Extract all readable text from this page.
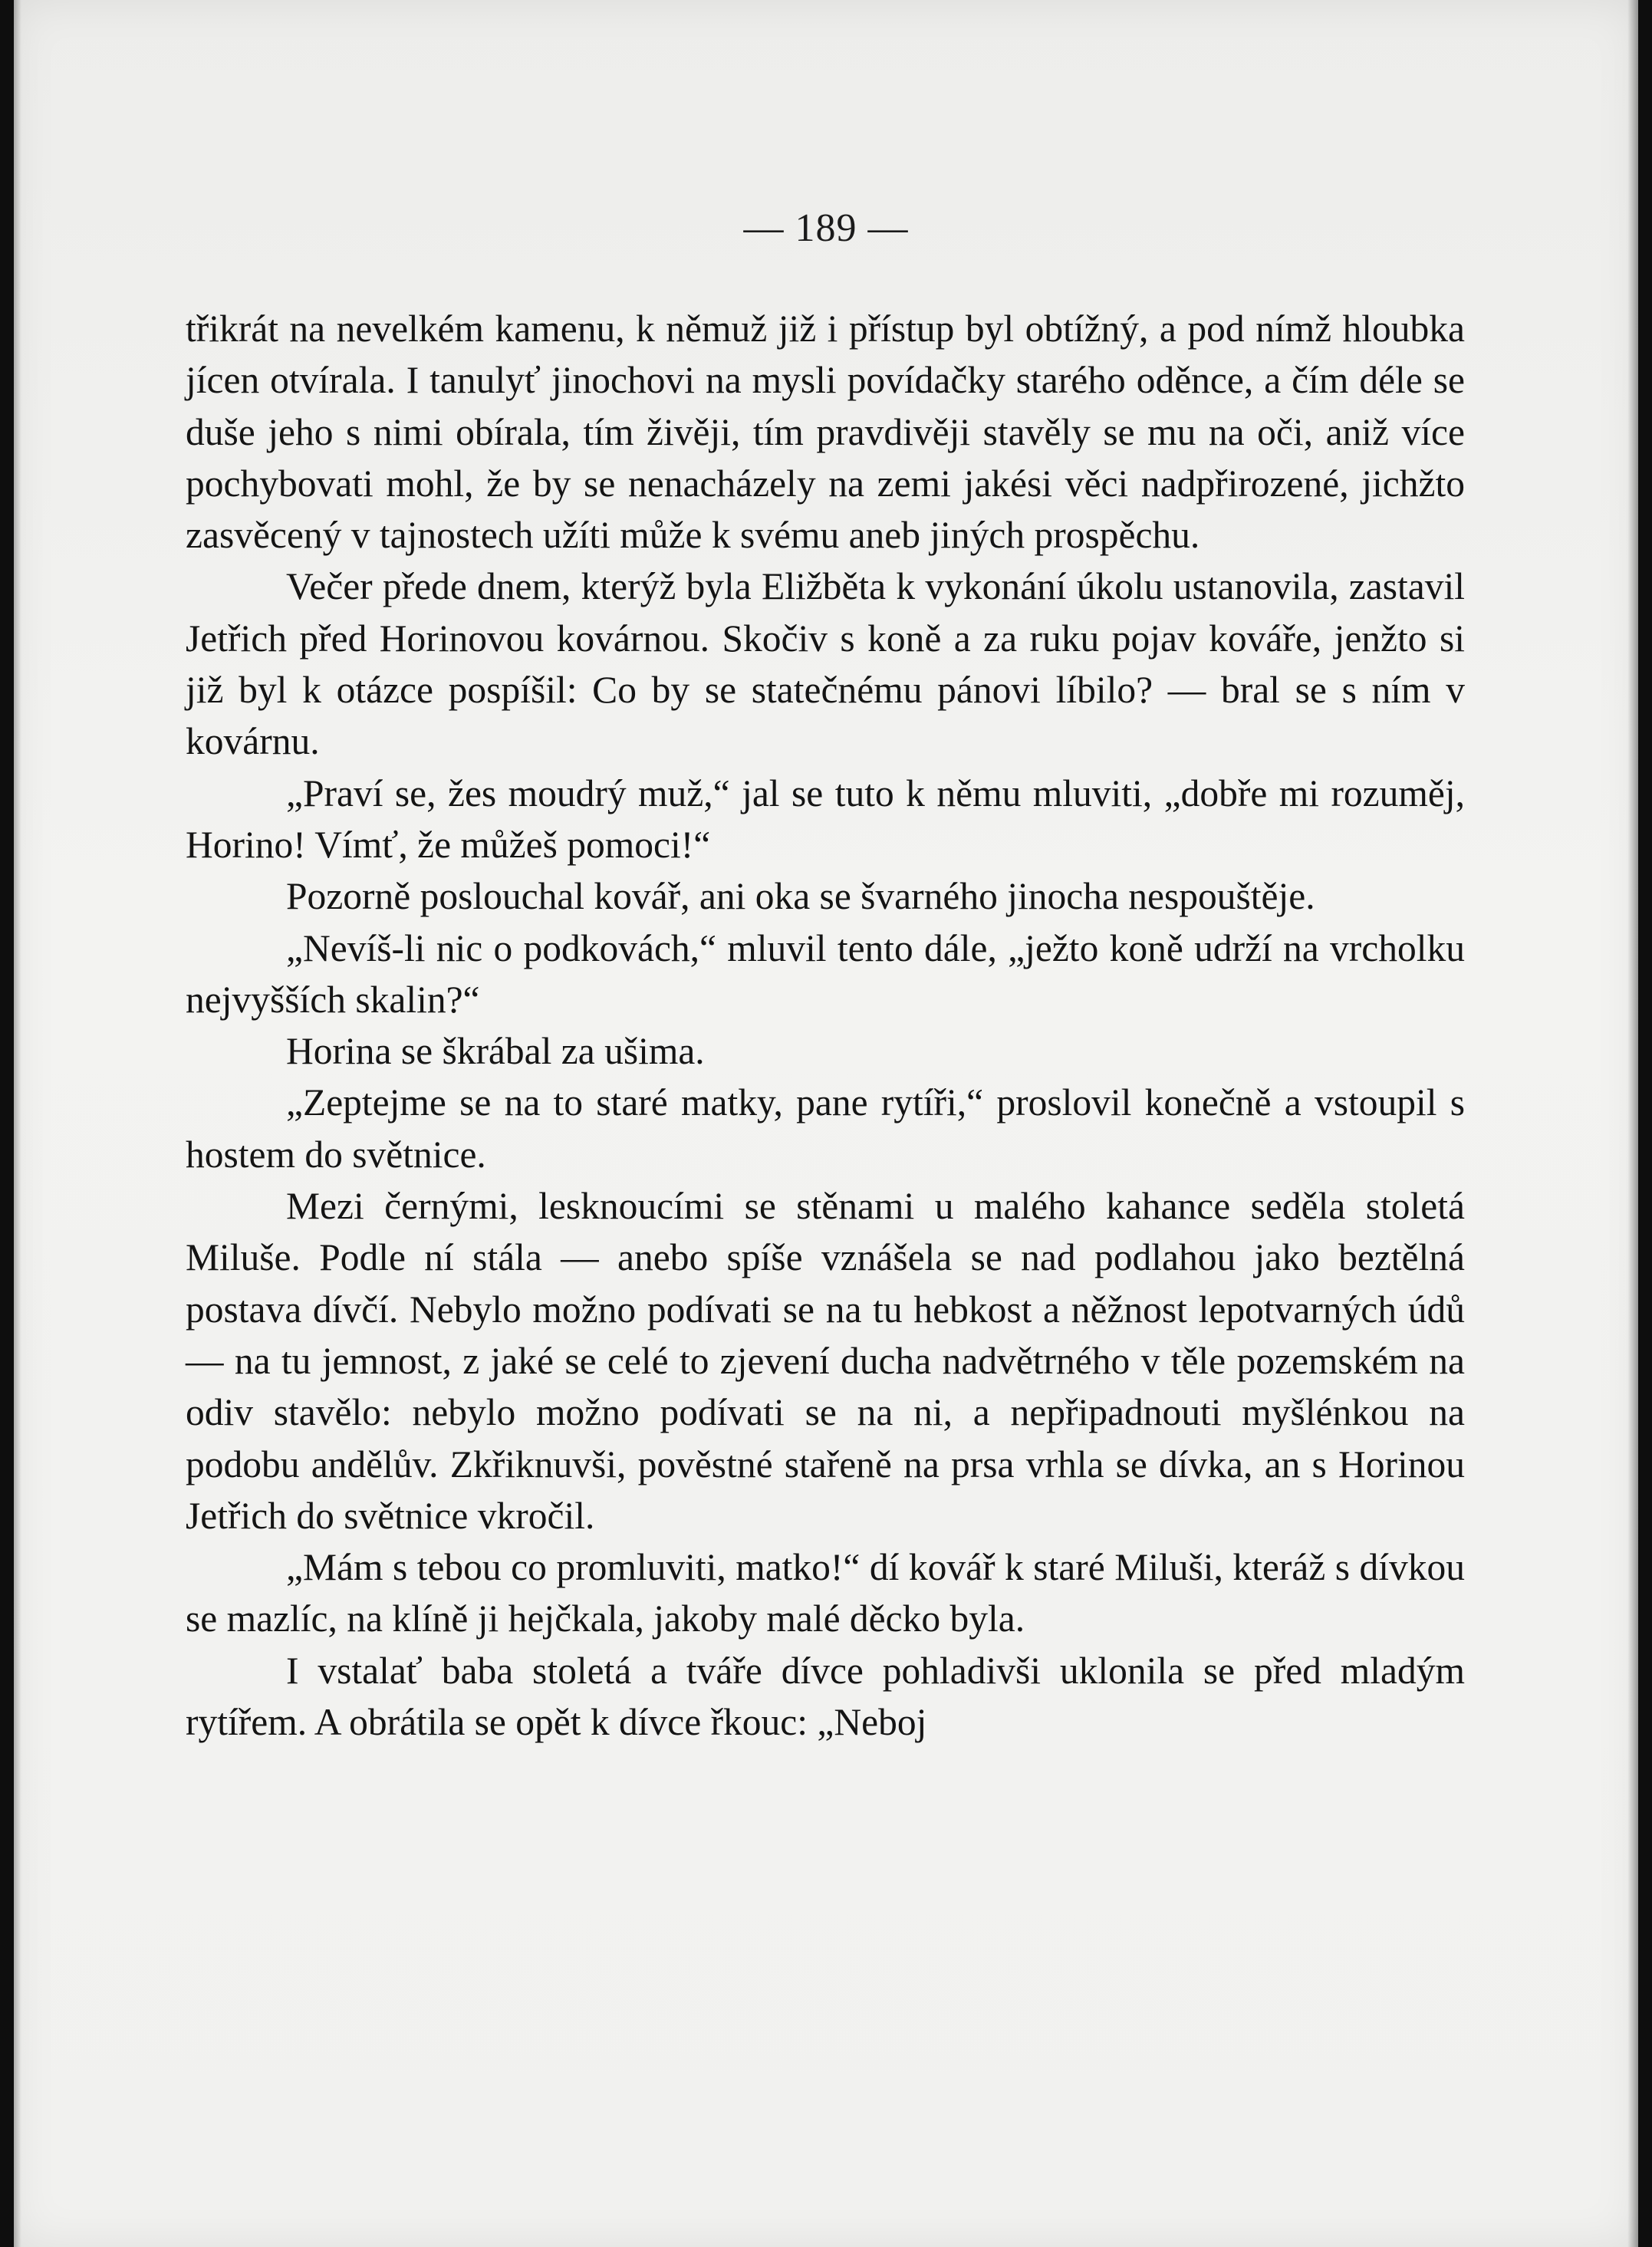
— 189 —

třikrát na nevelkém kamenu, k němuž již i přístup byl obtížný, a pod nímž hloubka jícen otvírala. I tanulyť jinochovi na mysli povídačky starého oděnce, a čím déle se duše jeho s nimi obírala, tím živěji, tím pravdivěji stavěly se mu na oči, aniž více pochybovati mohl, že by se nenacházely na zemi jakési věci nadpřirozené, jichžto zasvěcený v tajnostech užíti může k svému aneb jiných prospěchu.

Večer přede dnem, kterýž byla Eližběta k vykonání úkolu ustanovila, zastavil Jetřich před Horinovou kovárnou. Skočiv s koně a za ruku pojav kováře, jenžto si již byl k otázce pospíšil: Co by se statečnému pánovi líbilo? — bral se s ním v kovárnu.

„Praví se, žes moudrý muž,“ jal se tuto k němu mluviti, „dobře mi rozuměj, Horino! Vímť, že můžeš pomoci!“

Pozorně poslouchal kovář, ani oka se švarného jinocha nespouštěje.

„Nevíš-li nic o podkovách,“ mluvil tento dále, „ježto koně udrží na vrcholku nejvyšších skalin?“

Horina se škrábal za ušima.

„Zeptejme se na to staré matky, pane rytíři,“ proslovil konečně a vstoupil s hostem do světnice.

Mezi černými, lesknoucími se stěnami u malého kahance seděla stoletá Miluše. Podle ní stála — anebo spíše vznášela se nad podlahou jako beztělná postava dívčí. Nebylo možno podívati se na tu hebkost a něžnost lepotvarných údů — na tu jemnost, z jaké se celé to zjevení ducha nadvětrného v těle pozemském na odiv stavělo: nebylo možno podívati se na ni, a nepřipadnouti myšlénkou na podobu andělův. Zkřiknuvši, pověstné stařeně na prsa vrhla se dívka, an s Horinou Jetřich do světnice vkročil.

„Mám s tebou co promluviti, matko!“ dí kovář k staré Miluši, kteráž s dívkou se mazlíc, na klíně ji hejčkala, jakoby malé děcko byla.

I vstalať baba stoletá a tváře dívce pohladivši uklonila se před mladým rytířem. A obrátila se opět k dívce řkouc: „Neboj
